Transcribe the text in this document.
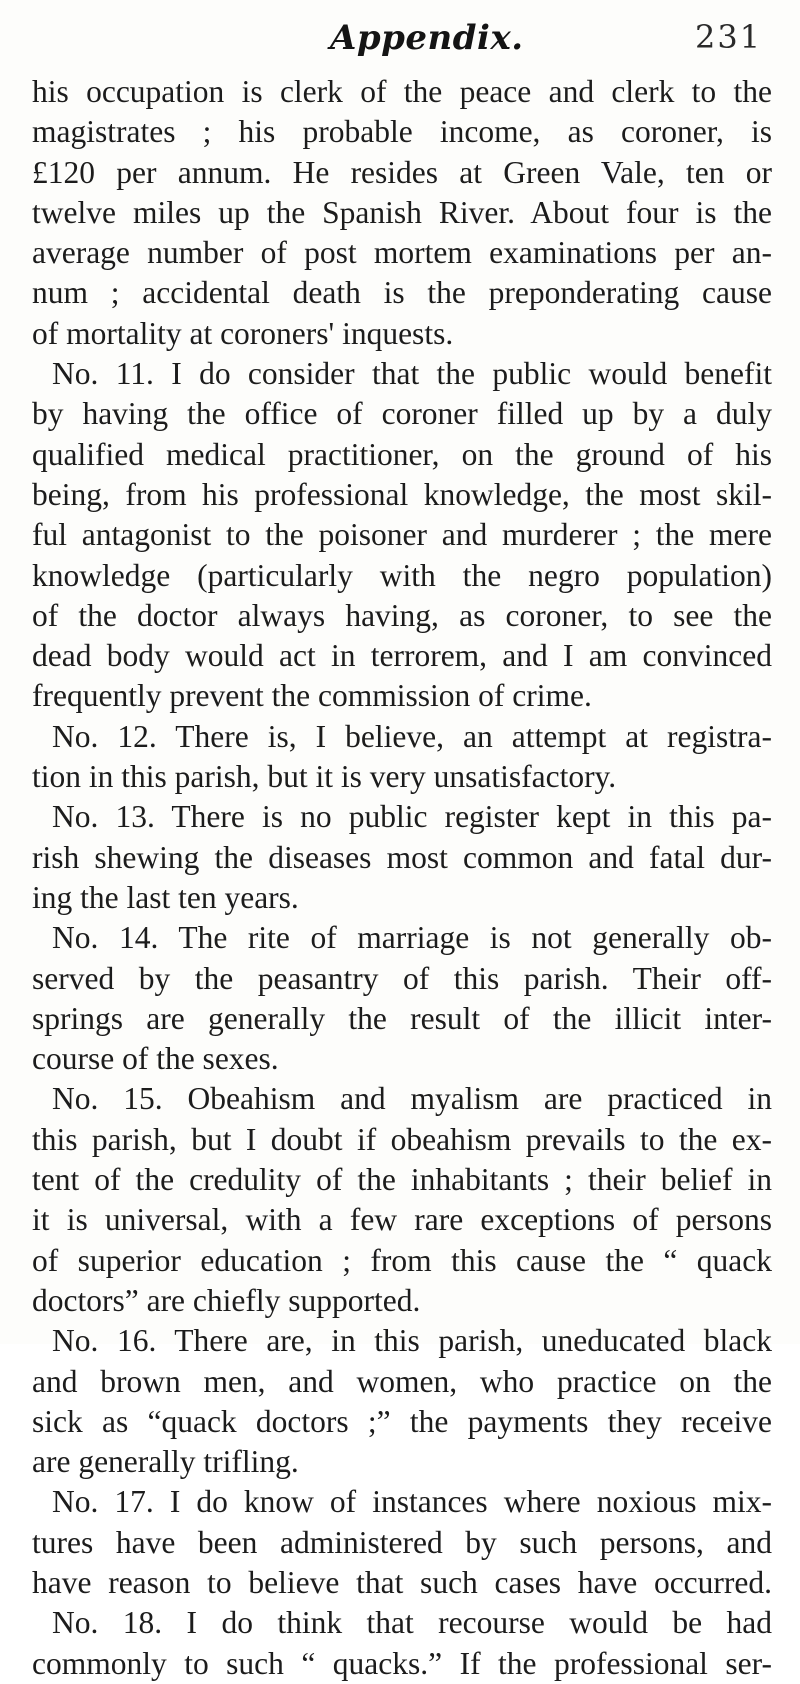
Appendix.	231
his occupation is clerk of the peace and clerk to the
magistrates ; his probable income, as coroner, is
£120 per annum. He resides at Green Vale, ten or
twelve miles up the Spanish River. About four is the
average number of post mortem examinations per an-
num ; accidental death is the preponderating cause
of mortality at coroners' inquests.
No. 11. I do consider that the public would benefit
by having the office of coroner filled up by a duly
qualified medical practitioner, on the ground of his
being, from his professional knowledge, the most skil-
ful antagonist to the poisoner and murderer ; the mere
knowledge (particularly with the negro population)
of the doctor always having, as coroner, to see the
dead body would act in terrorem, and I am convinced
frequently prevent the commission of crime.
No. 12. There is, I believe, an attempt at registra-
tion in this parish, but it is very unsatisfactory.
No. 13. There is no public register kept in this pa-
rish shewing the diseases most common and fatal dur-
ing the last ten years.
No. 14. The rite of marriage is not generally ob-
served by the peasantry of this parish. Their off-
springs are generally the result of the illicit inter-
course of the sexes.
No. 15. Obeahism and myalism are practiced in
this parish, but I doubt if obeahism prevails to the ex-
tent of the credulity of the inhabitants ; their belief in
it is universal, with a few rare exceptions of persons
of superior education ; from this cause the “ quack
doctors” are chiefly supported.
No. 16. There are, in this parish, uneducated black
and brown men, and women, who practice on the
sick as “quack doctors ;” the payments they receive
are generally trifling.
No. 17. I do know of instances where noxious mix-
tures have been administered by such persons, and
have reason to believe that such cases have occurred.
No. 18. I do think that recourse would be had
commonly to such “ quacks.” If the professional ser-
